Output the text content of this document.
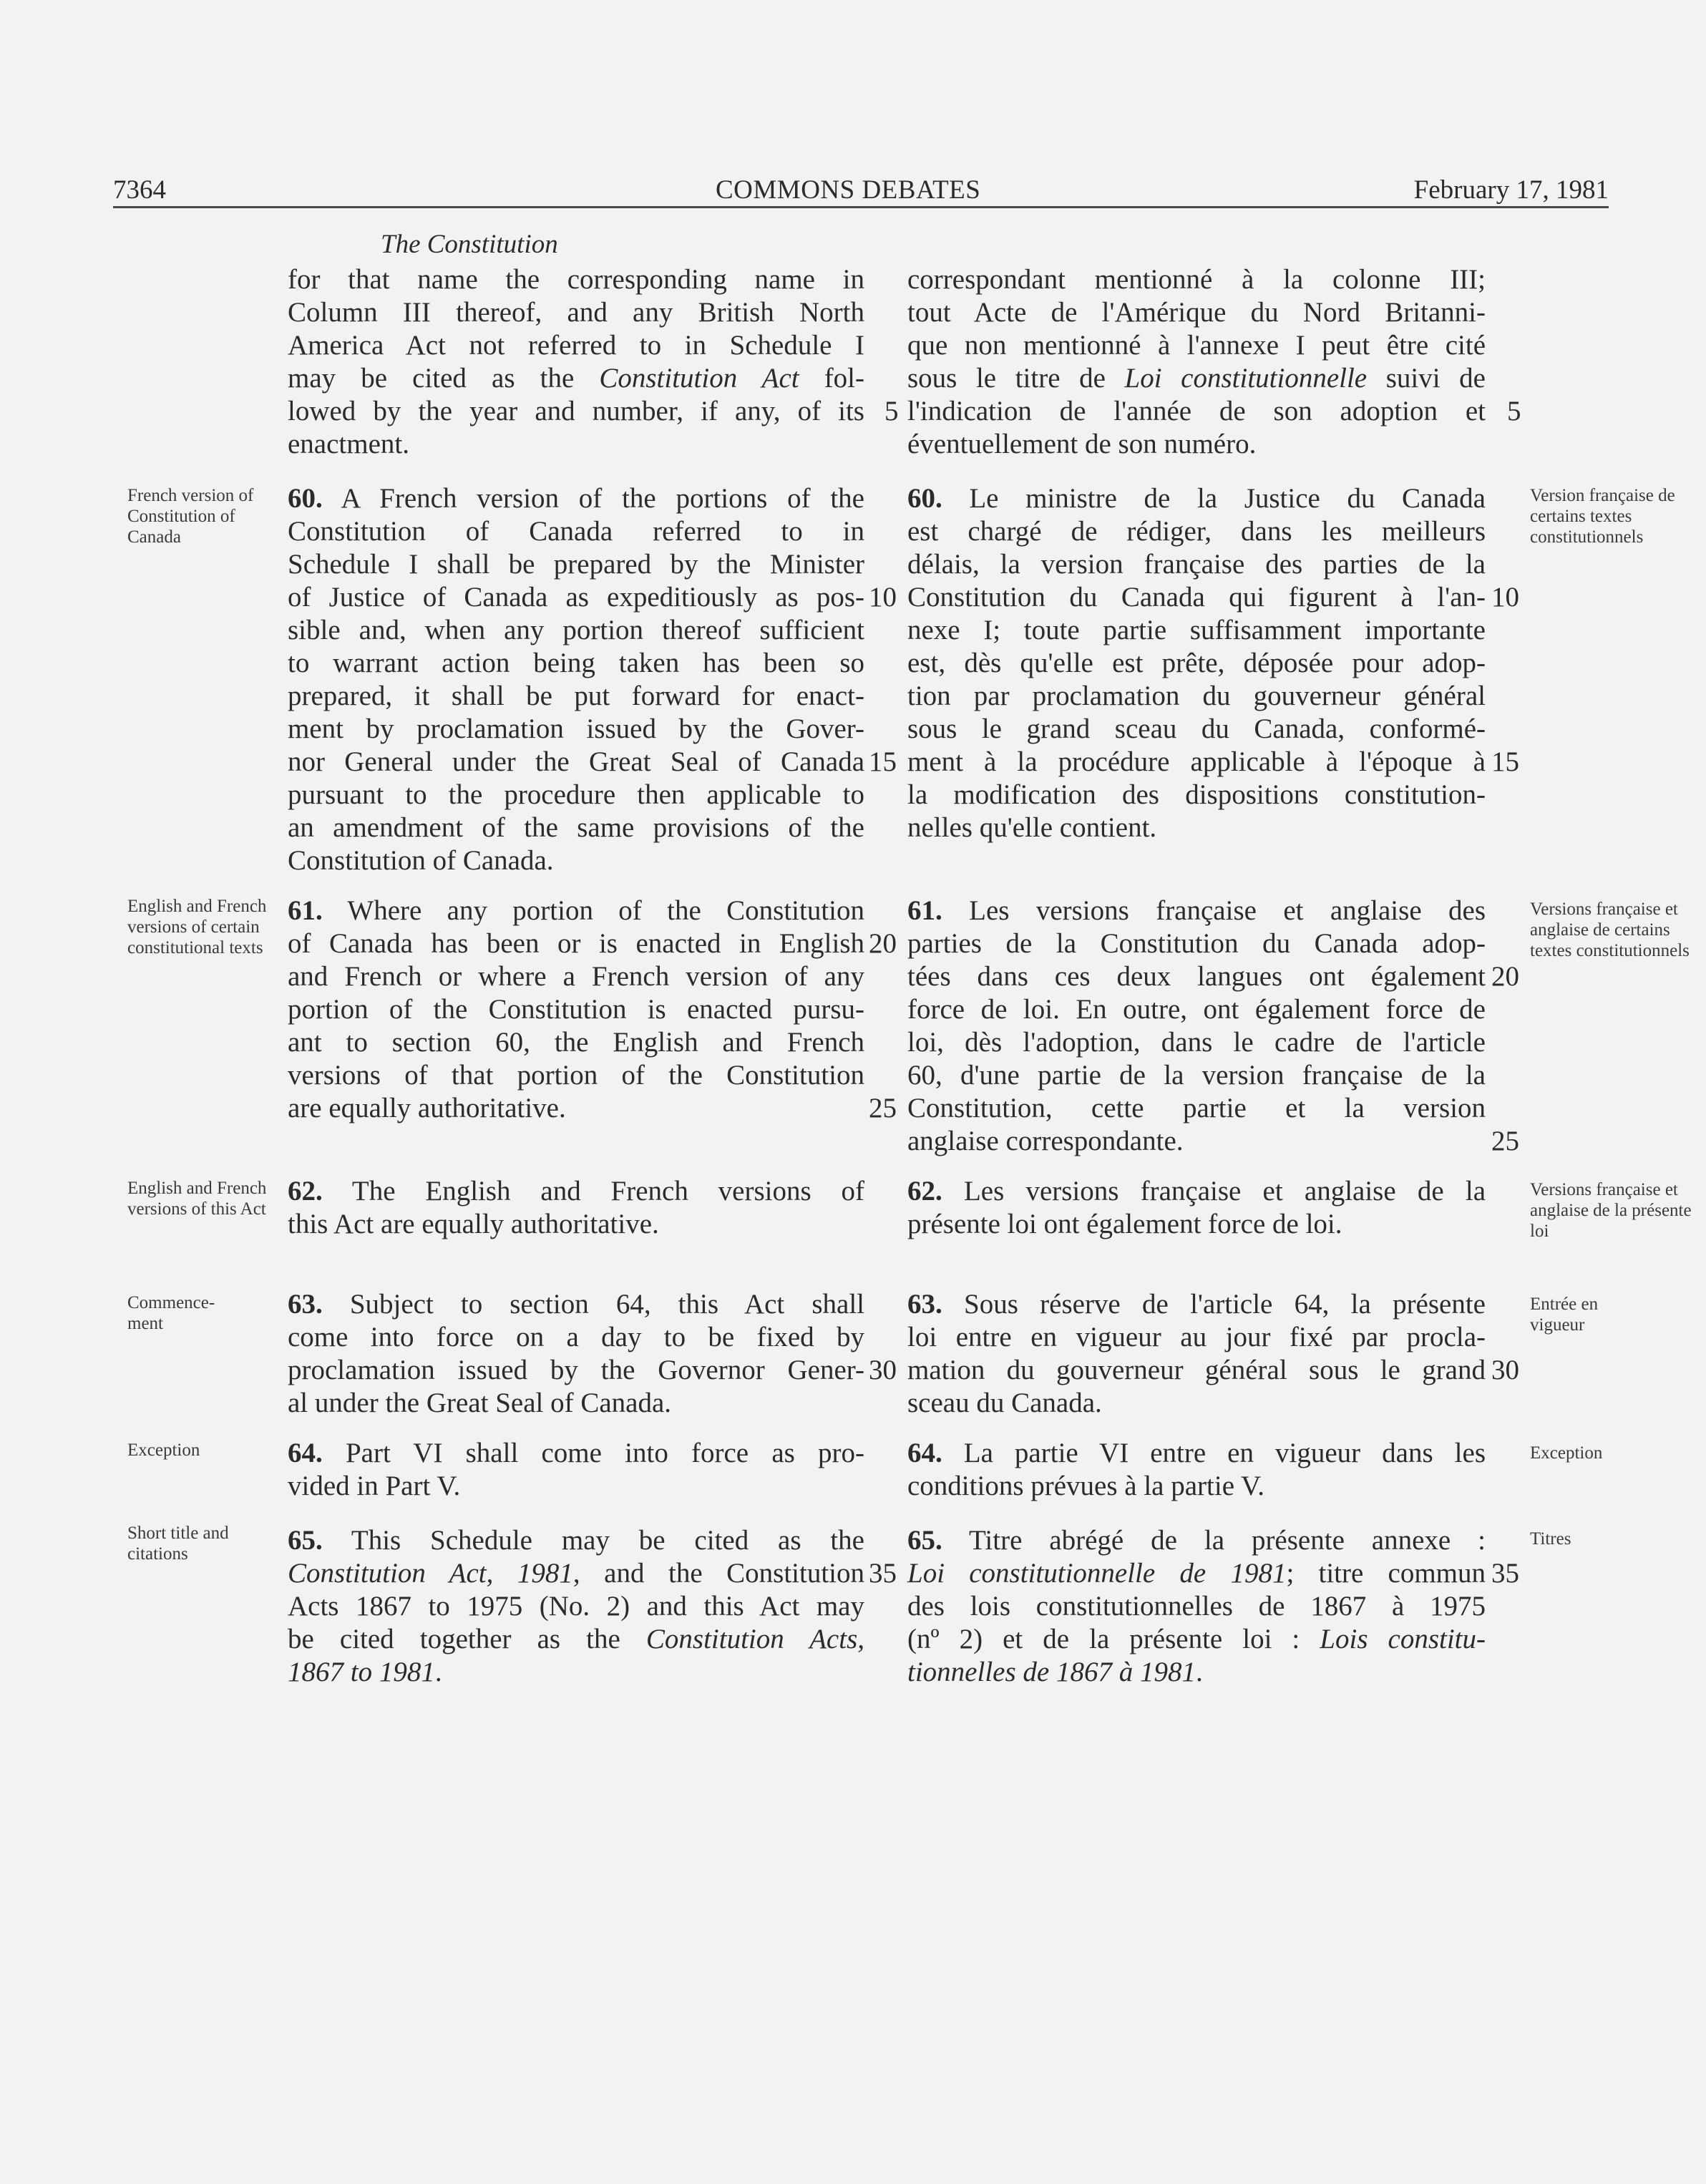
7364	COMMONS DEBATES	February 17, 1981
The Constitution
for that name the corresponding name in
Column III thereof, and any British North
America Act not referred to in Schedule I
may be cited as the Constitution Act fol-
lowed by the year and number, if any, of its
enactment.
correspondant mentionné à la colonne III;
tout Acte de l'Amérique du Nord Britanni-
que non mentionné à l'annexe I peut être cité
sous le titre de Loi constitutionnelle suivi de
l'indication de l'année de son adoption et
éventuellement de son numéro.
French version of Constitution of Canada
Version française de certains textes constitutionnels
60. A French version of the portions of the
Constitution of Canada referred to in
Schedule I shall be prepared by the Minister
of Justice of Canada as expeditiously as pos-
sible and, when any portion thereof sufficient
to warrant action being taken has been so
prepared, it shall be put forward for enact-
ment by proclamation issued by the Gover-
nor General under the Great Seal of Canada
pursuant to the procedure then applicable to
an amendment of the same provisions of the
Constitution of Canada.
60. Le ministre de la Justice du Canada
est chargé de rédiger, dans les meilleurs
délais, la version française des parties de la
Constitution du Canada qui figurent à l'an-
nexe I; toute partie suffisamment importante
est, dès qu'elle est prête, déposée pour adop-
tion par proclamation du gouverneur général
sous le grand sceau du Canada, conformé-
ment à la procédure applicable à l'époque à
la modification des dispositions constitution-
nelles qu'elle contient.
English and French versions of certain constitutional texts
Versions française et anglaise de certains textes constitutionnels
61. Where any portion of the Constitution
of Canada has been or is enacted in English
and French or where a French version of any
portion of the Constitution is enacted pursu-
ant to section 60, the English and French
versions of that portion of the Constitution
are equally authoritative.
61. Les versions française et anglaise des
parties de la Constitution du Canada adop-
tées dans ces deux langues ont également
force de loi. En outre, ont également force de
loi, dès l'adoption, dans le cadre de l'article
60, d'une partie de la version française de la
Constitution, cette partie et la version
anglaise correspondante.
English and French versions of this Act
Versions française et anglaise de la présente loi
62. The English and French versions of
this Act are equally authoritative.
62. Les versions française et anglaise de la
présente loi ont également force de loi.
Commence- ment
Entrée en vigueur
63. Subject to section 64, this Act shall
come into force on a day to be fixed by
proclamation issued by the Governor Gener-
al under the Great Seal of Canada.
63. Sous réserve de l'article 64, la présente
loi entre en vigueur au jour fixé par procla-
mation du gouverneur général sous le grand
sceau du Canada.
Exception	Exception
64. Part VI shall come into force as pro-
vided in Part V.
64. La partie VI entre en vigueur dans les
conditions prévues à la partie V.
Short title and citations
Titres
65. This Schedule may be cited as the
Constitution Act, 1981, and the Constitution
Acts 1867 to 1975 (No. 2) and this Act may
be cited together as the Constitution Acts,
1867 to 1981.
65. Titre abrégé de la présente annexe :
Loi constitutionnelle de 1981; titre commun
des lois constitutionnelles de 1867 à 1975
(nº 2) et de la présente loi : Lois constitu-
tionnelles de 1867 à 1981.
5
10
15
20
25
30
35
5
10
15
20
25
30
35
